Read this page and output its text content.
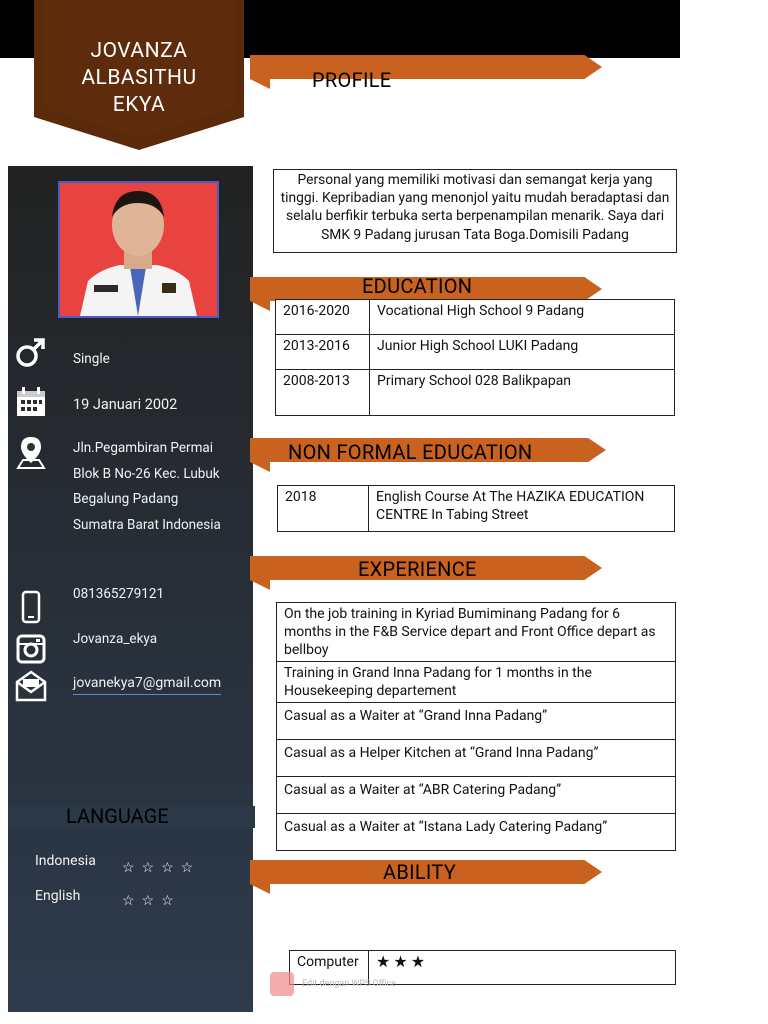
JOVANZA
ALBASITHU
EKYA
Single
19 Januari 2002
Jln.Pegambiran Permai
Blok B No-26 Kec. Lubuk
Begalung Padang
Sumatra Barat Indonesia
081365279121
Jovanza_ekya
jovanekya7@gmail.com
LANGUAGE
Indonesia ☆☆☆☆
English	☆☆☆
PROFILE
Personal yang memiliki motivasi dan semangat kerja yang tinggi. Kepribadian yang menonjol yaitu mudah beradaptasi dan selalu berfikir terbuka serta berpenampilan menarik. Saya dari SMK 9 Padang jurusan Tata Boga.Domisili Padang
EDUCATION
2016-2020	Vocational High School 9 Padang
2013-2016	Junior High School LUKI Padang
2008-2013	Primary School 028 Balikpapan
NON FORMAL EDUCATION
2018	English Course At The HAZIKA EDUCATION CENTRE In Tabing Street
EXPERIENCE
On the job training in Kyriad Bumiminang Padang for 6 months in the F&B Service depart and Front Office depart as bellboy
Training in Grand Inna Padang for 1 months in the Housekeeping departement
Casual as a Waiter at “Grand Inna Padang”
Casual as a Helper Kitchen at “Grand Inna Padang”
Casual as a Waiter at “ABR Catering Padang”
Casual as a Waiter at “Istana Lady Catering Padang”
ABILITY
Computer	★★★
Edit dengan WPS Office
